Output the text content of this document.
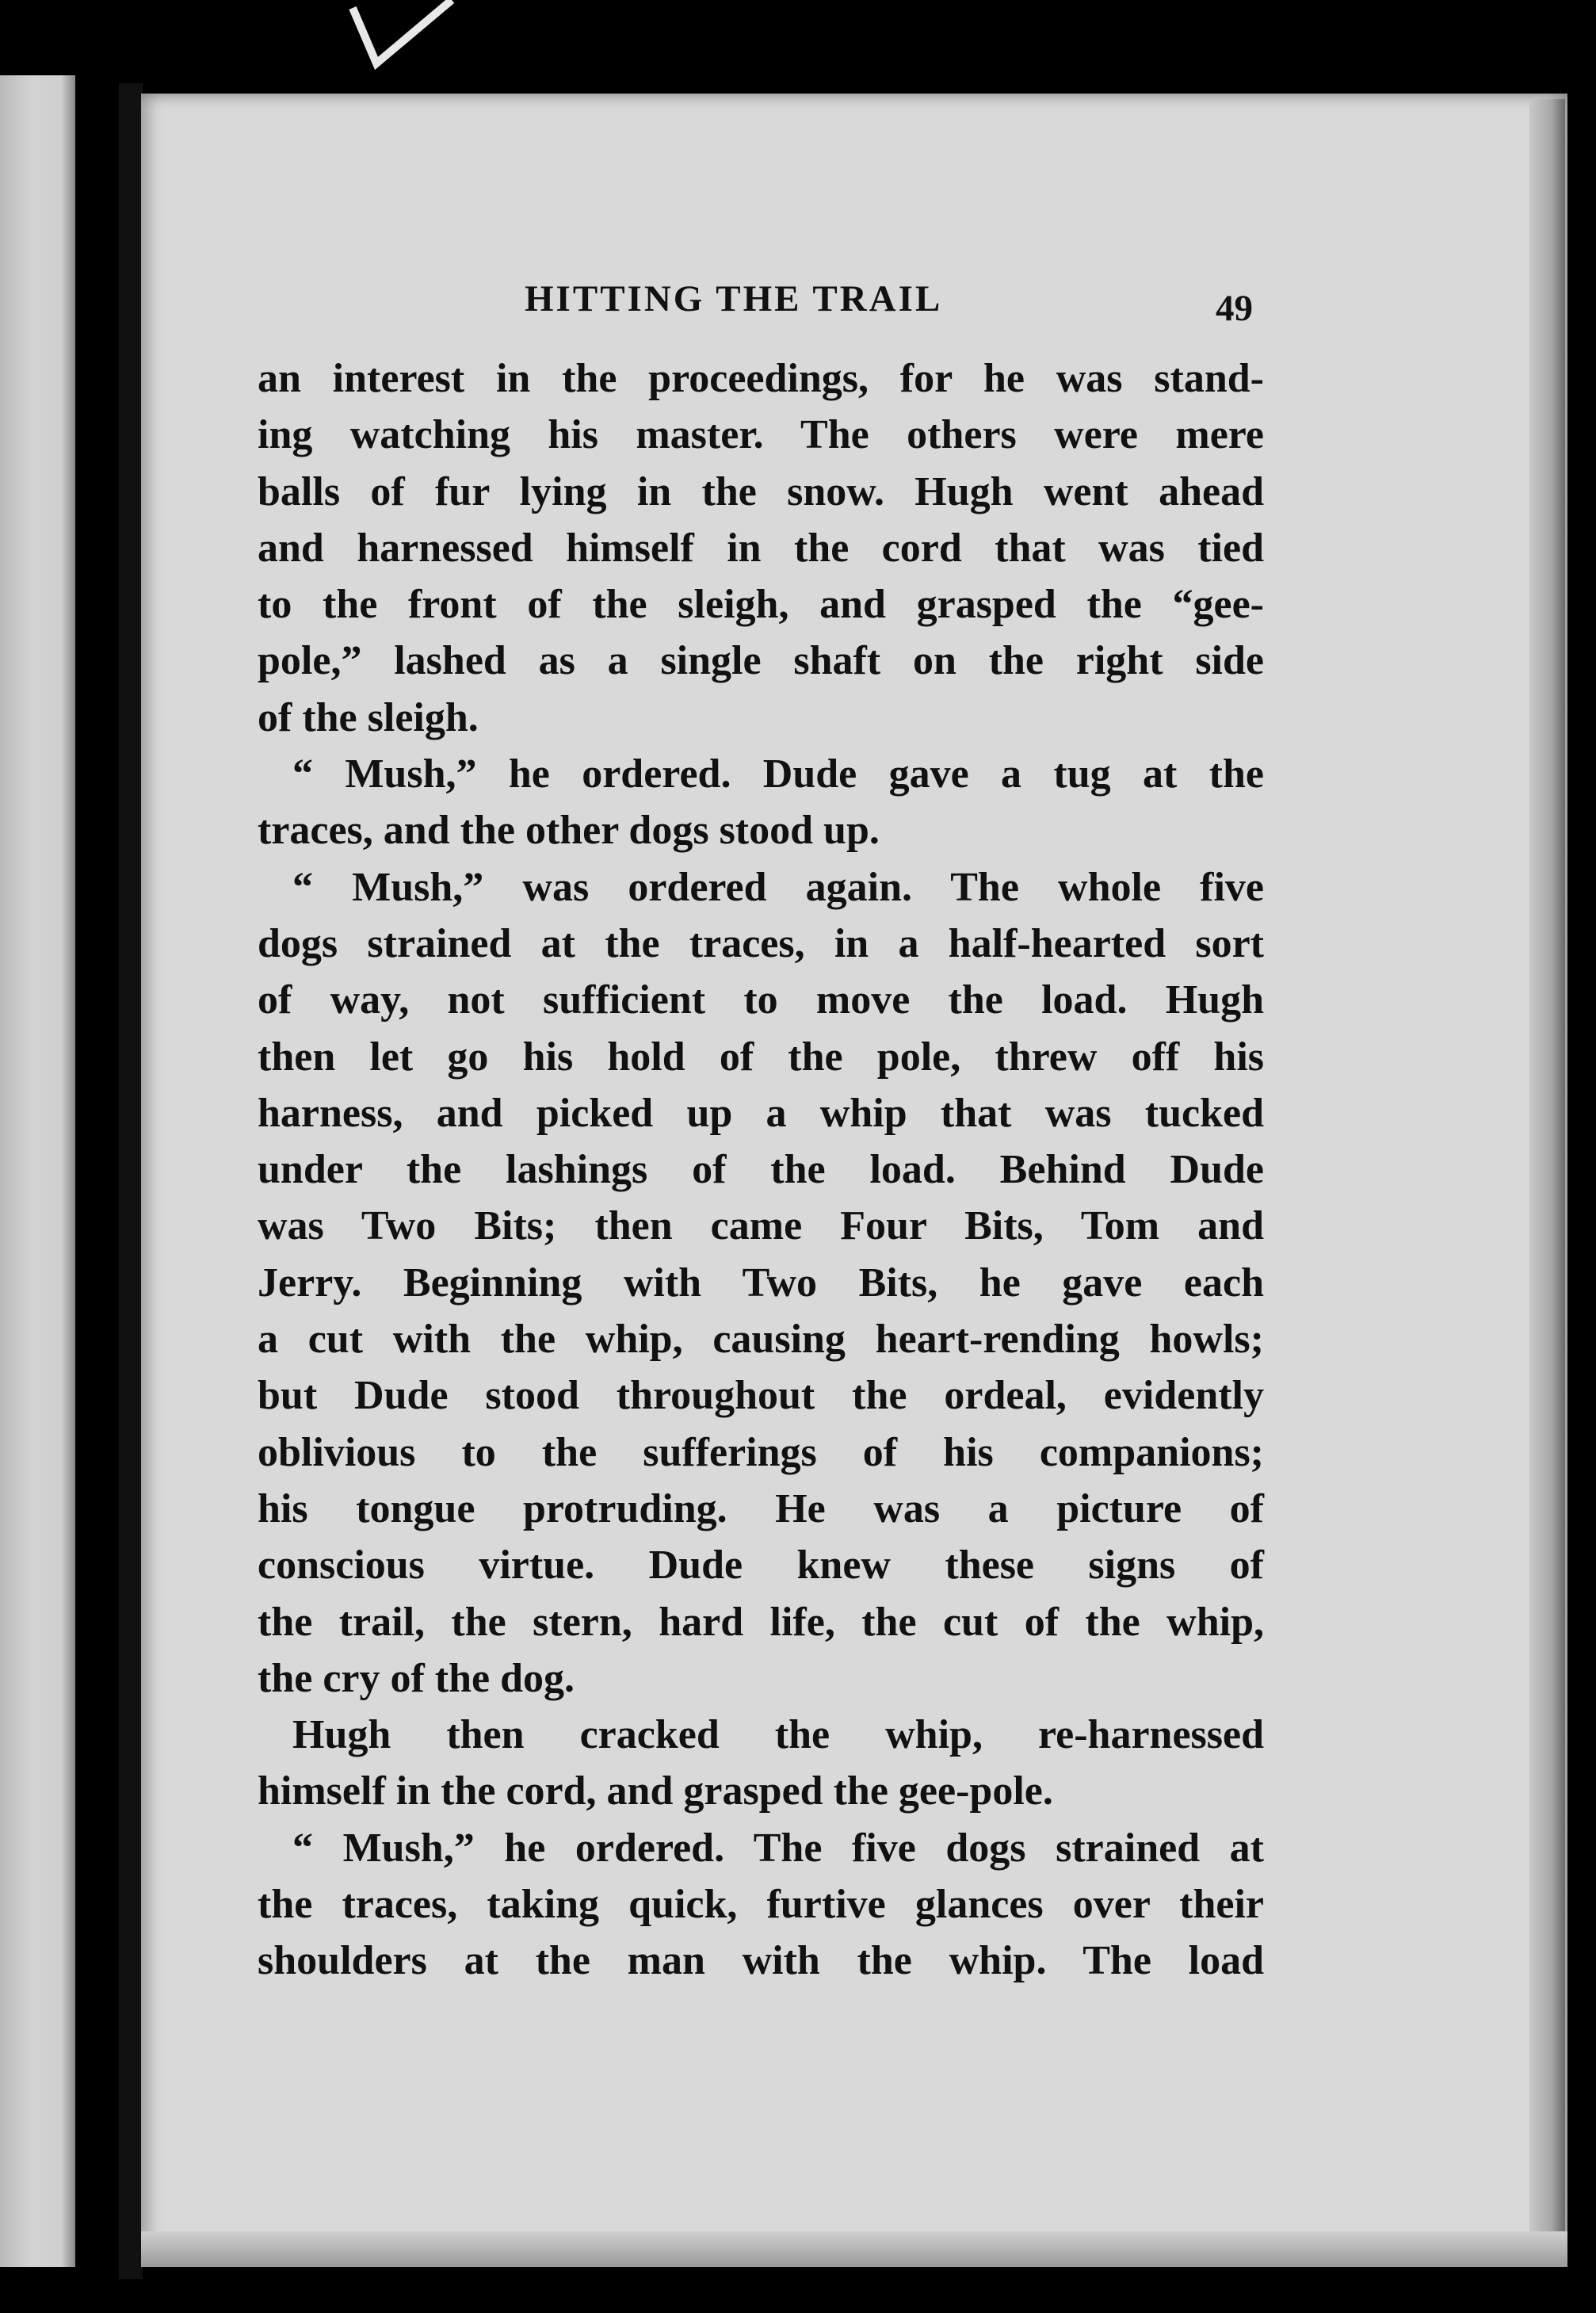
HITTING THE TRAIL	49
an interest in the proceedings, for he was stand-
ing watching his master. The others were mere
balls of fur lying in the snow. Hugh went ahead
and harnessed himself in the cord that was tied
to the front of the sleigh, and grasped the “gee-
pole,” lashed as a single shaft on the right side
of the sleigh.
“ Mush,” he ordered. Dude gave a tug at the
traces, and the other dogs stood up.
“ Mush,” was ordered again. The whole five
dogs strained at the traces, in a half-hearted sort
of way, not sufficient to move the load. Hugh
then let go his hold of the pole, threw off his
harness, and picked up a whip that was tucked
under the lashings of the load. Behind Dude
was Two Bits; then came Four Bits, Tom and
Jerry. Beginning with Two Bits, he gave each
a cut with the whip, causing heart-rending howls;
but Dude stood throughout the ordeal, evidently
oblivious to the sufferings of his companions;
his tongue protruding. He was a picture of
conscious virtue. Dude knew these signs of
the trail, the stern, hard life, the cut of the whip,
the cry of the dog.
Hugh then cracked the whip, re-harnessed
himself in the cord, and grasped the gee-pole.
“ Mush,” he ordered. The five dogs strained at
the traces, taking quick, furtive glances over their
shoulders at the man with the whip. The load
